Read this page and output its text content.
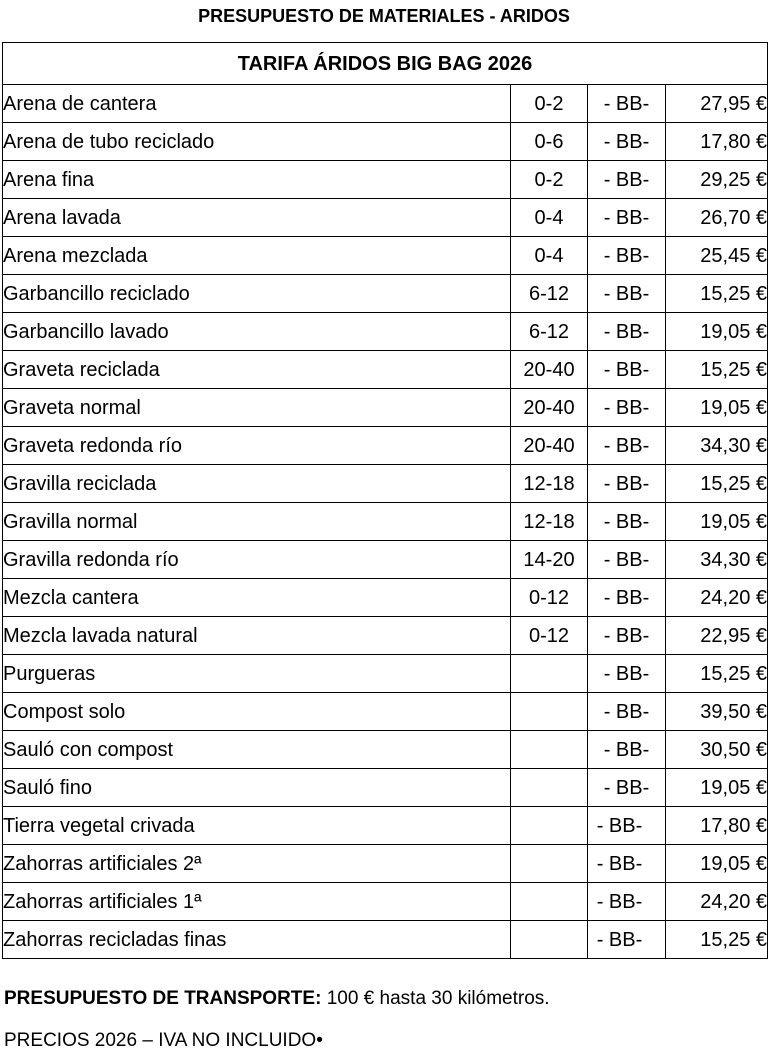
PRESUPUESTO DE MATERIALES - ARIDOS
TARIFA ÁRIDOS BIG BAG 2026			
Arena de cantera	0-2	- BB-	27,95 €
Arena de tubo reciclado	0-6	- BB-	17,80 €
Arena fina	0-2	- BB-	29,25 €
Arena lavada	0-4	- BB-	26,70 €
Arena mezclada	0-4	- BB-	25,45 €
Garbancillo reciclado	6-12	- BB-	15,25 €
Garbancillo lavado	6-12	- BB-	19,05 €
Graveta reciclada	20-40	- BB-	15,25 €
Graveta normal	20-40	- BB-	19,05 €
Graveta redonda río	20-40	- BB-	34,30 €
Gravilla reciclada	12-18	- BB-	15,25 €
Gravilla normal	12-18	- BB-	19,05 €
Gravilla redonda río	14-20	- BB-	34,30 €
Mezcla cantera	0-12	- BB-	24,20 €
Mezcla lavada natural	0-12	- BB-	22,95 €
Purgueras		- BB-	15,25 €
Compost solo		- BB-	39,50 €
Sauló con compost		- BB-	30,50 €
Sauló fino		- BB-	19,05 €
Tierra vegetal crivada		- BB-	17,80 €
Zahorras artificiales 2ª		- BB-	19,05 €
Zahorras artificiales 1ª		- BB-	24,20 €
Zahorras recicladas finas		- BB-	15,25 €
PRESUPUESTO DE TRANSPORTE: 100 € hasta 30 kilómetros.
PRECIOS 2026 – IVA NO INCLUIDO•
